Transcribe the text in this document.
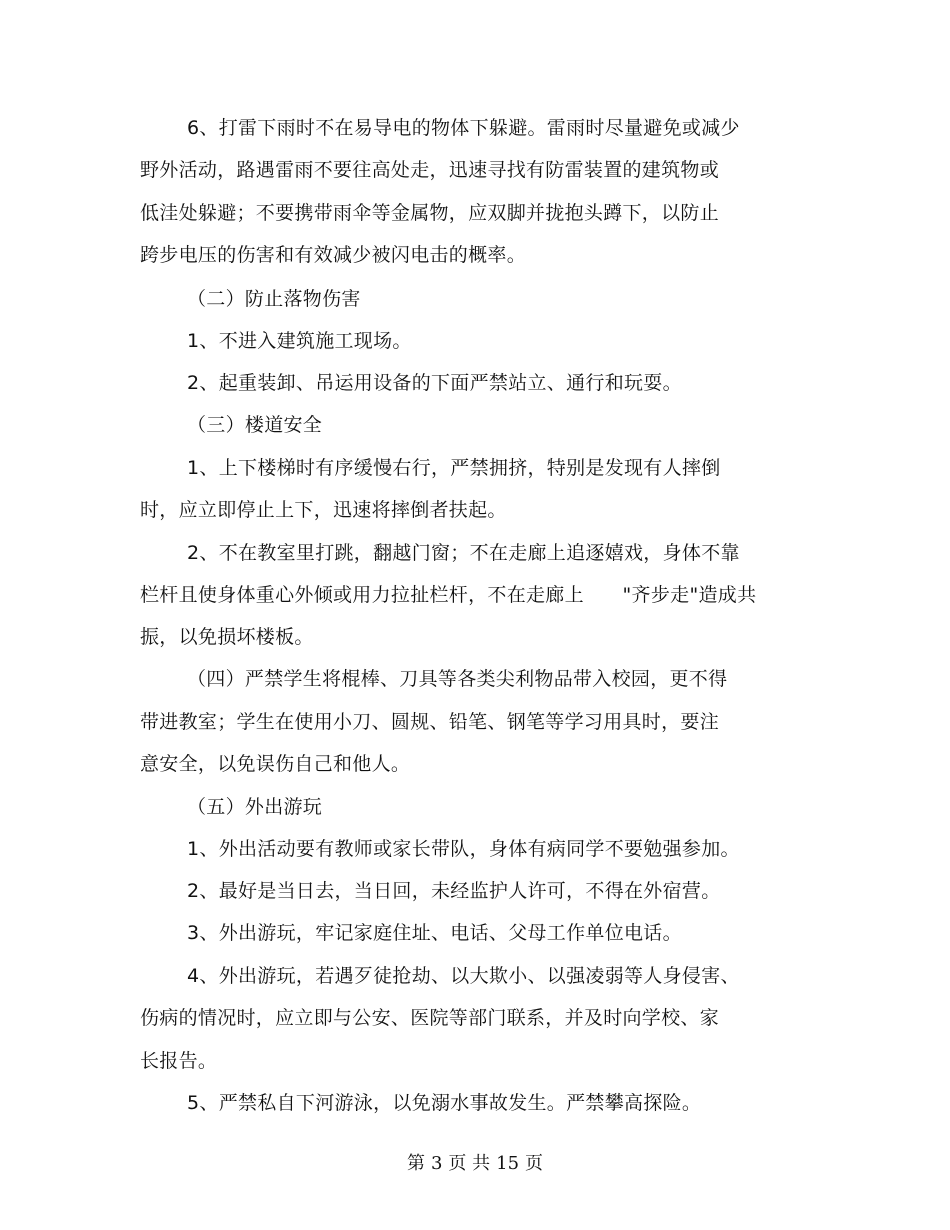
6、打雷下雨时不在易导电的物体下躲避。雷雨时尽量避免或减少
野外活动，路遇雷雨不要往高处走，迅速寻找有防雷装置的建筑物或
低洼处躲避；不要携带雨伞等金属物，应双脚并拢抱头蹲下，以防止
跨步电压的伤害和有效减少被闪电击的概率。
（二）防止落物伤害
1、不进入建筑施工现场。
2、起重装卸、吊运用设备的下面严禁站立、通行和玩耍。
（三）楼道安全
1、上下楼梯时有序缓慢右行，严禁拥挤，特别是发现有人摔倒
时，应立即停止上下，迅速将摔倒者扶起。
2、不在教室里打跳，翻越门窗；不在走廊上追逐嬉戏，身体不靠
栏杆且使身体重心外倾或用力拉扯栏杆，不在走廊上　　"齐步走"造成共
振，以免损坏楼板。
（四）严禁学生将棍棒、刀具等各类尖利物品带入校园，更不得
带进教室；学生在使用小刀、圆规、铅笔、钢笔等学习用具时，要注
意安全，以免误伤自己和他人。
（五）外出游玩
1、外出活动要有教师或家长带队，身体有病同学不要勉强参加。
2、最好是当日去，当日回，未经监护人许可，不得在外宿营。
3、外出游玩，牢记家庭住址、电话、父母工作单位电话。
4、外出游玩，若遇歹徒抢劫、以大欺小、以强凌弱等人身侵害、
伤病的情况时，应立即与公安、医院等部门联系，并及时向学校、家
长报告。
5、严禁私自下河游泳，以免溺水事故发生。严禁攀高探险。
第 3 页 共 15 页
